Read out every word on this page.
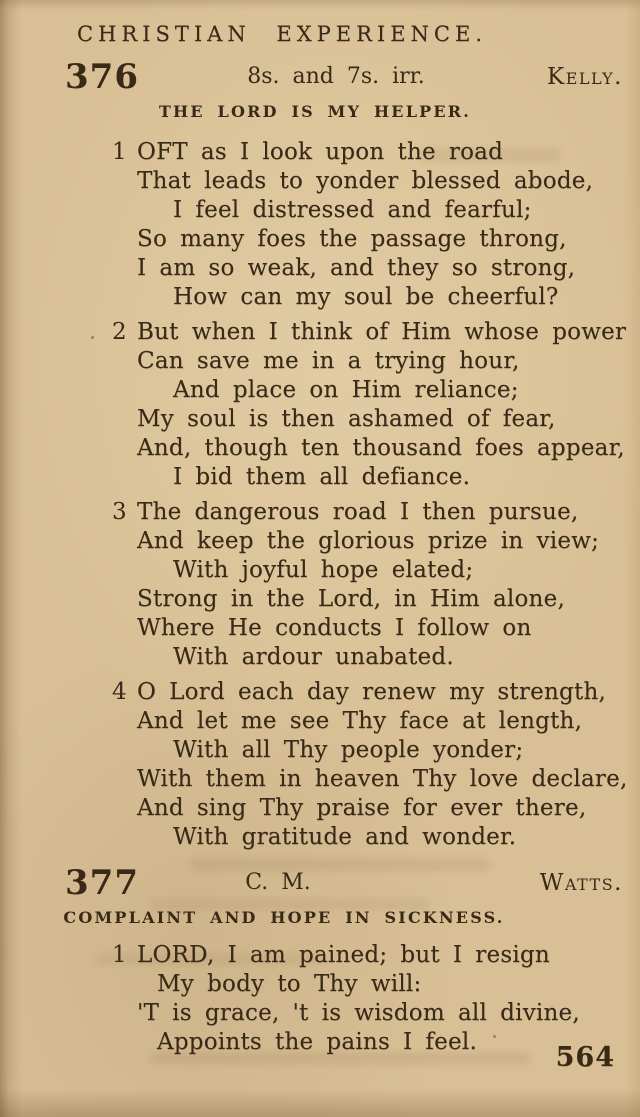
CHRISTIAN EXPERIENCE.
376	8s. and 7s. irr.	Kelly.
THE LORD IS MY HELPER.
1 OFT as I look upon the road
That leads to yonder blessed abode,
I feel distressed and fearful;
So many foes the passage throng,
I am so weak, and they so strong,
How can my soul be cheerful?
2 But when I think of Him whose power
Can save me in a trying hour,
And place on Him reliance;
My soul is then ashamed of fear,
And, though ten thousand foes appear,
I bid them all defiance.
3 The dangerous road I then pursue,
And keep the glorious prize in view;
With joyful hope elated;
Strong in the Lord, in Him alone,
Where He conducts I follow on
With ardour unabated.
4 O Lord each day renew my strength,
And let me see Thy face at length,
With all Thy people yonder;
With them in heaven Thy love declare,
And sing Thy praise for ever there,
With gratitude and wonder.
377	C. M.	Watts.
COMPLAINT AND HOPE IN SICKNESS.
1 LORD, I am pained; but I resign
My body to Thy will:
'T is grace, 't is wisdom all divine,
Appoints the pains I feel.	564
